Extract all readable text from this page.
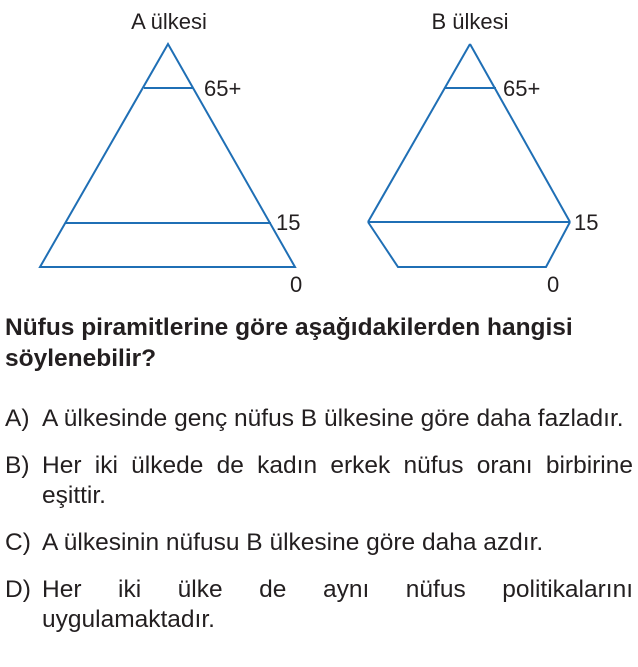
A ülkesi
65+
15
0
B ülkesi
65+
15
0

Nüfus piramitlerine göre aşağıdakilerden hangisi söylenebilir?

A) A ülkesinde genç nüfus B ülkesine göre daha fazladır.
B) Her iki ülkede de kadın erkek nüfus oranı birbirine eşittir.
C) A ülkesinin nüfusu B ülkesine göre daha azdır.
D) Her iki ülke de aynı nüfus politikalarını uygulamaktadır.
